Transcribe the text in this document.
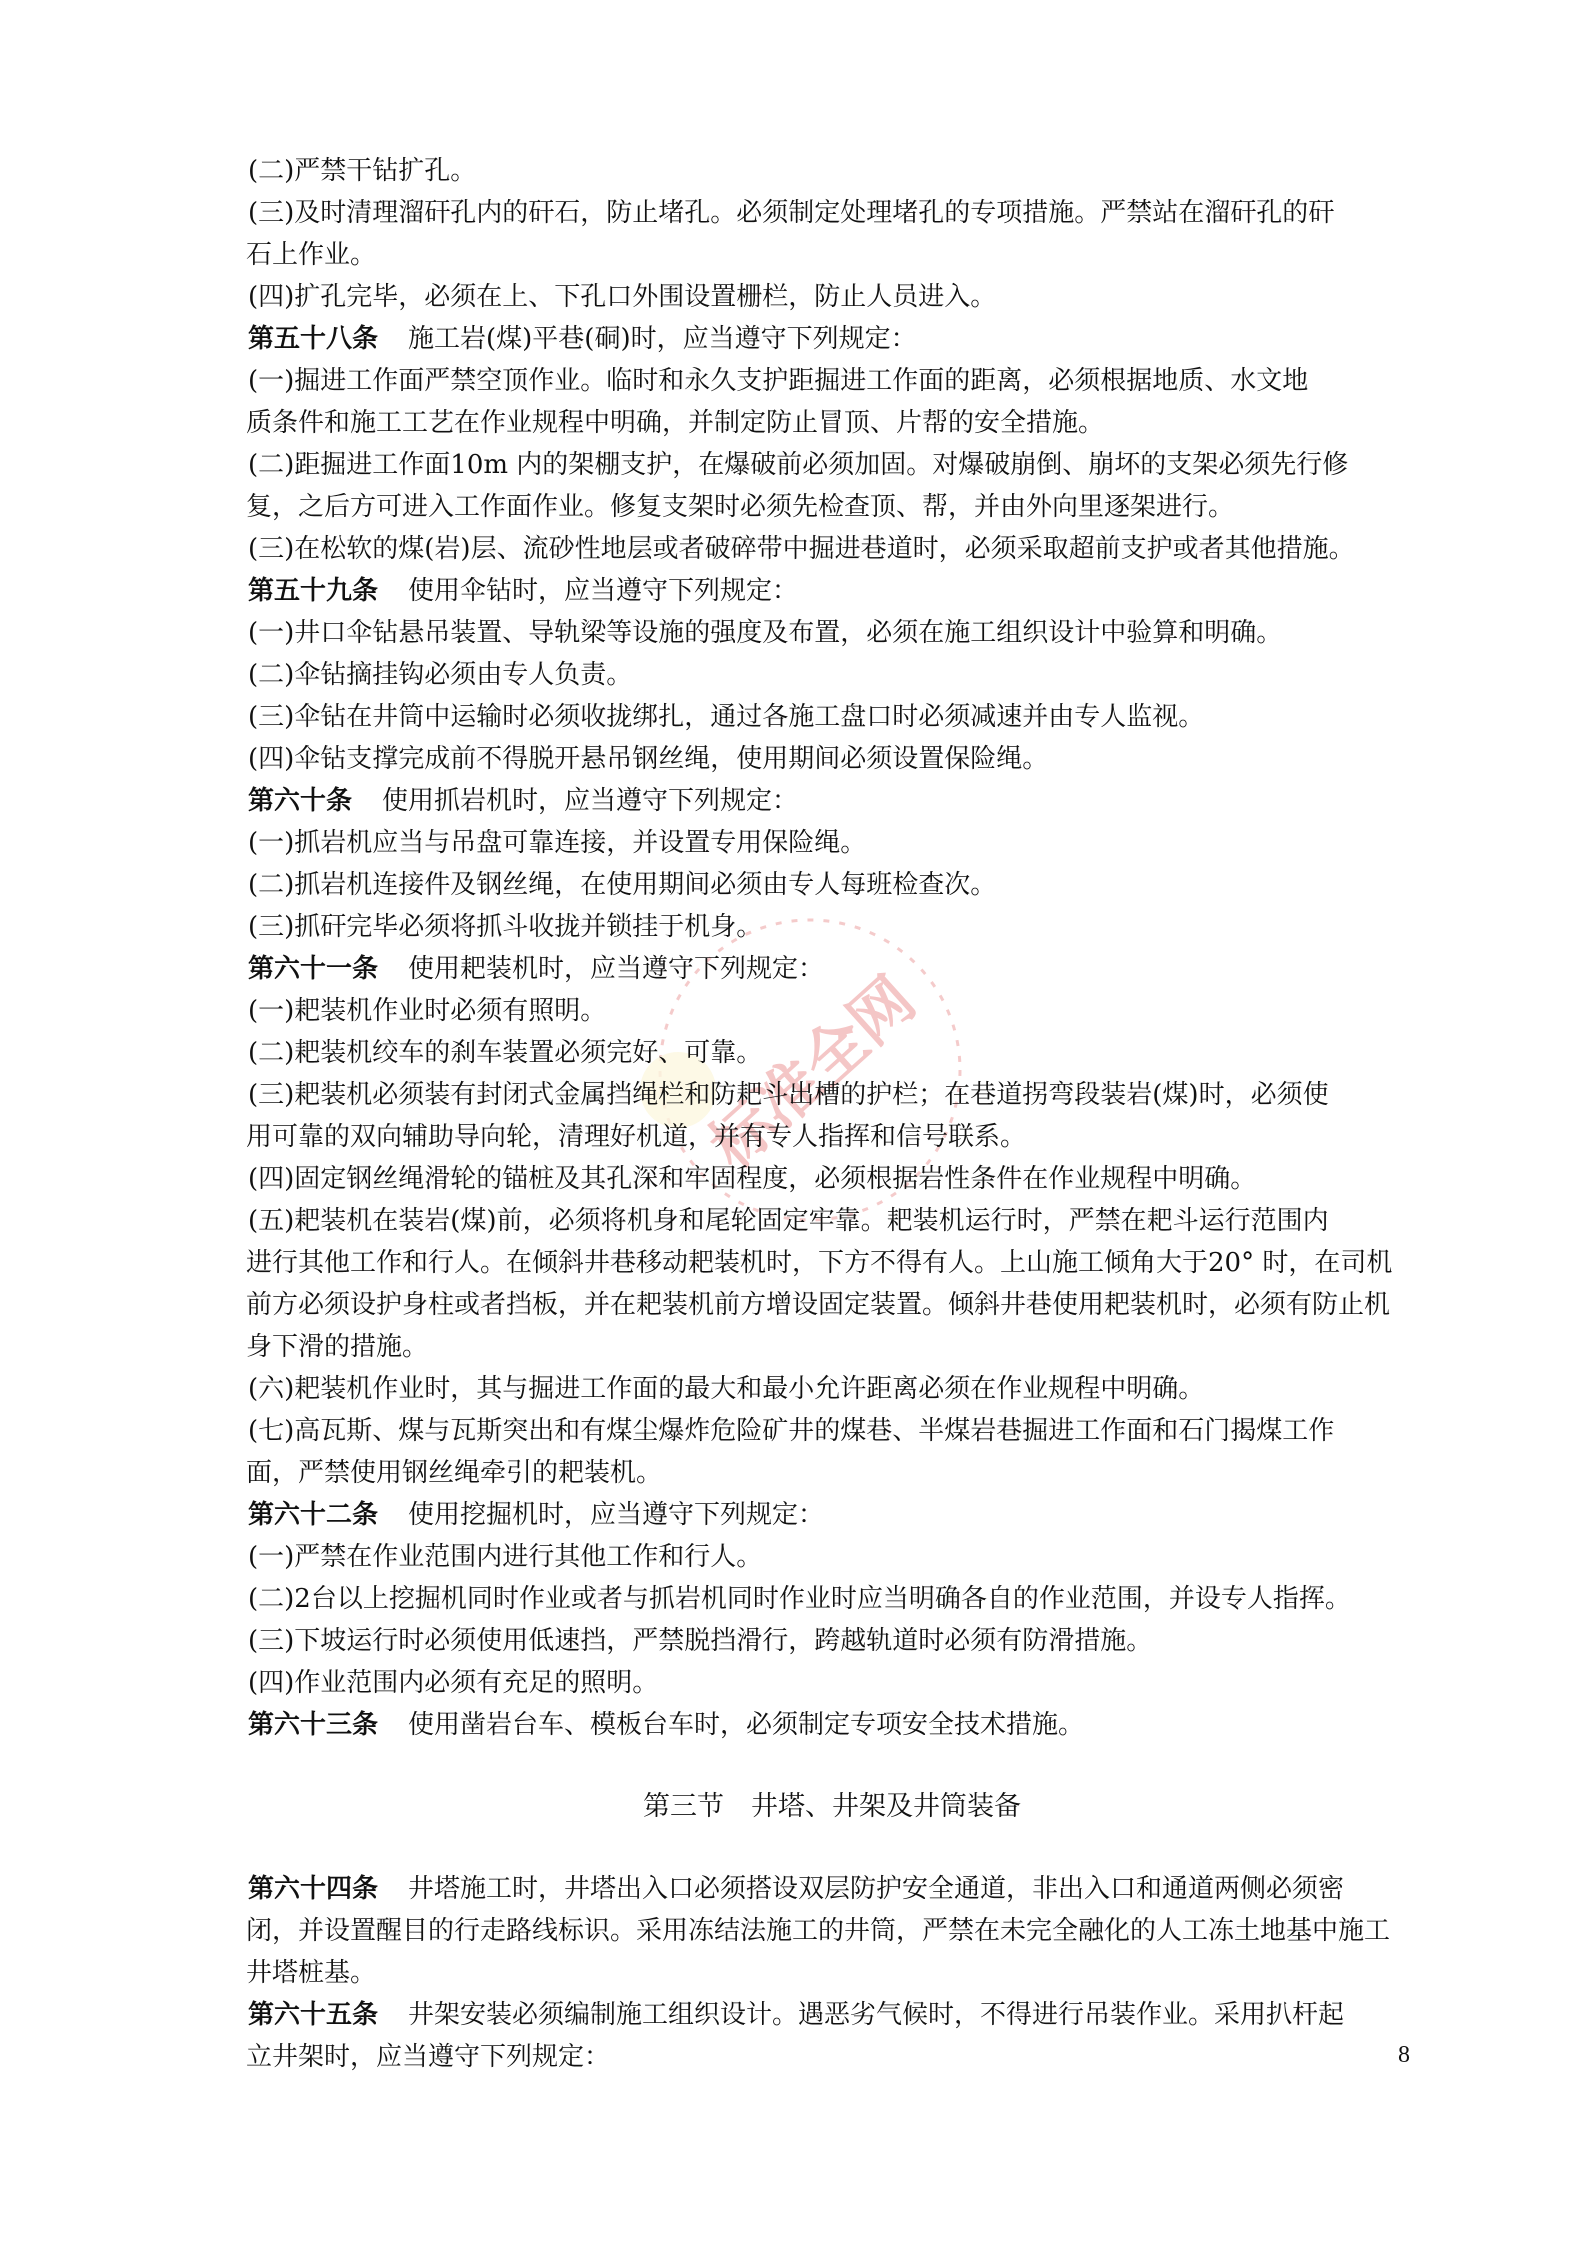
标准全网
(二)严禁干钻扩孔。
(三)及时清理溜矸孔内的矸石，防止堵孔。必须制定处理堵孔的专项措施。严禁站在溜矸孔的矸
石上作业。
(四)扩孔完毕，必须在上、下孔口外围设置栅栏，防止人员进入。
第五十八条 施工岩(煤)平巷(硐)时，应当遵守下列规定：
(一)掘进工作面严禁空顶作业。临时和永久支护距掘进工作面的距离，必须根据地质、水文地
质条件和施工工艺在作业规程中明确，并制定防止冒顶、片帮的安全措施。
(二)距掘进工作面10m 内的架棚支护，在爆破前必须加固。对爆破崩倒、崩坏的支架必须先行修
复，之后方可进入工作面作业。修复支架时必须先检查顶、帮，并由外向里逐架进行。
(三)在松软的煤(岩)层、流砂性地层或者破碎带中掘进巷道时，必须采取超前支护或者其他措施。
第五十九条 使用伞钻时，应当遵守下列规定：
(一)井口伞钻悬吊装置、导轨梁等设施的强度及布置，必须在施工组织设计中验算和明确。
(二)伞钻摘挂钩必须由专人负责。
(三)伞钻在井筒中运输时必须收拢绑扎，通过各施工盘口时必须减速并由专人监视。
(四)伞钻支撑完成前不得脱开悬吊钢丝绳，使用期间必须设置保险绳。
第六十条 使用抓岩机时，应当遵守下列规定：
(一)抓岩机应当与吊盘可靠连接，并设置专用保险绳。
(二)抓岩机连接件及钢丝绳，在使用期间必须由专人每班检查次。
(三)抓矸完毕必须将抓斗收拢并锁挂于机身。
第六十一条 使用耙装机时，应当遵守下列规定：
(一)耙装机作业时必须有照明。
(二)耙装机绞车的刹车装置必须完好、可靠。
(三)耙装机必须装有封闭式金属挡绳栏和防耙斗出槽的护栏；在巷道拐弯段装岩(煤)时，必须使
用可靠的双向辅助导向轮，清理好机道，并有专人指挥和信号联系。
(四)固定钢丝绳滑轮的锚桩及其孔深和牢固程度，必须根据岩性条件在作业规程中明确。
(五)耙装机在装岩(煤)前，必须将机身和尾轮固定牢靠。耙装机运行时，严禁在耙斗运行范围内
进行其他工作和行人。在倾斜井巷移动耙装机时，下方不得有人。上山施工倾角大于20° 时，在司机
前方必须设护身柱或者挡板，并在耙装机前方增设固定装置。倾斜井巷使用耙装机时，必须有防止机
身下滑的措施。
(六)耙装机作业时，其与掘进工作面的最大和最小允许距离必须在作业规程中明确。
(七)高瓦斯、煤与瓦斯突出和有煤尘爆炸危险矿井的煤巷、半煤岩巷掘进工作面和石门揭煤工作
面，严禁使用钢丝绳牵引的耙装机。
第六十二条 使用挖掘机时，应当遵守下列规定：
(一)严禁在作业范围内进行其他工作和行人。
(二)2台以上挖掘机同时作业或者与抓岩机同时作业时应当明确各自的作业范围，并设专人指挥。
(三)下坡运行时必须使用低速挡，严禁脱挡滑行，跨越轨道时必须有防滑措施。
(四)作业范围内必须有充足的照明。
第六十三条 使用凿岩台车、模板台车时，必须制定专项安全技术措施。
第三节　井塔、井架及井筒装备
第六十四条 井塔施工时，井塔出入口必须搭设双层防护安全通道，非出入口和通道两侧必须密
闭，并设置醒目的行走路线标识。采用冻结法施工的井筒，严禁在未完全融化的人工冻土地基中施工
井塔桩基。
第六十五条 井架安装必须编制施工组织设计。遇恶劣气候时，不得进行吊装作业。采用扒杆起
立井架时，应当遵守下列规定：	8
